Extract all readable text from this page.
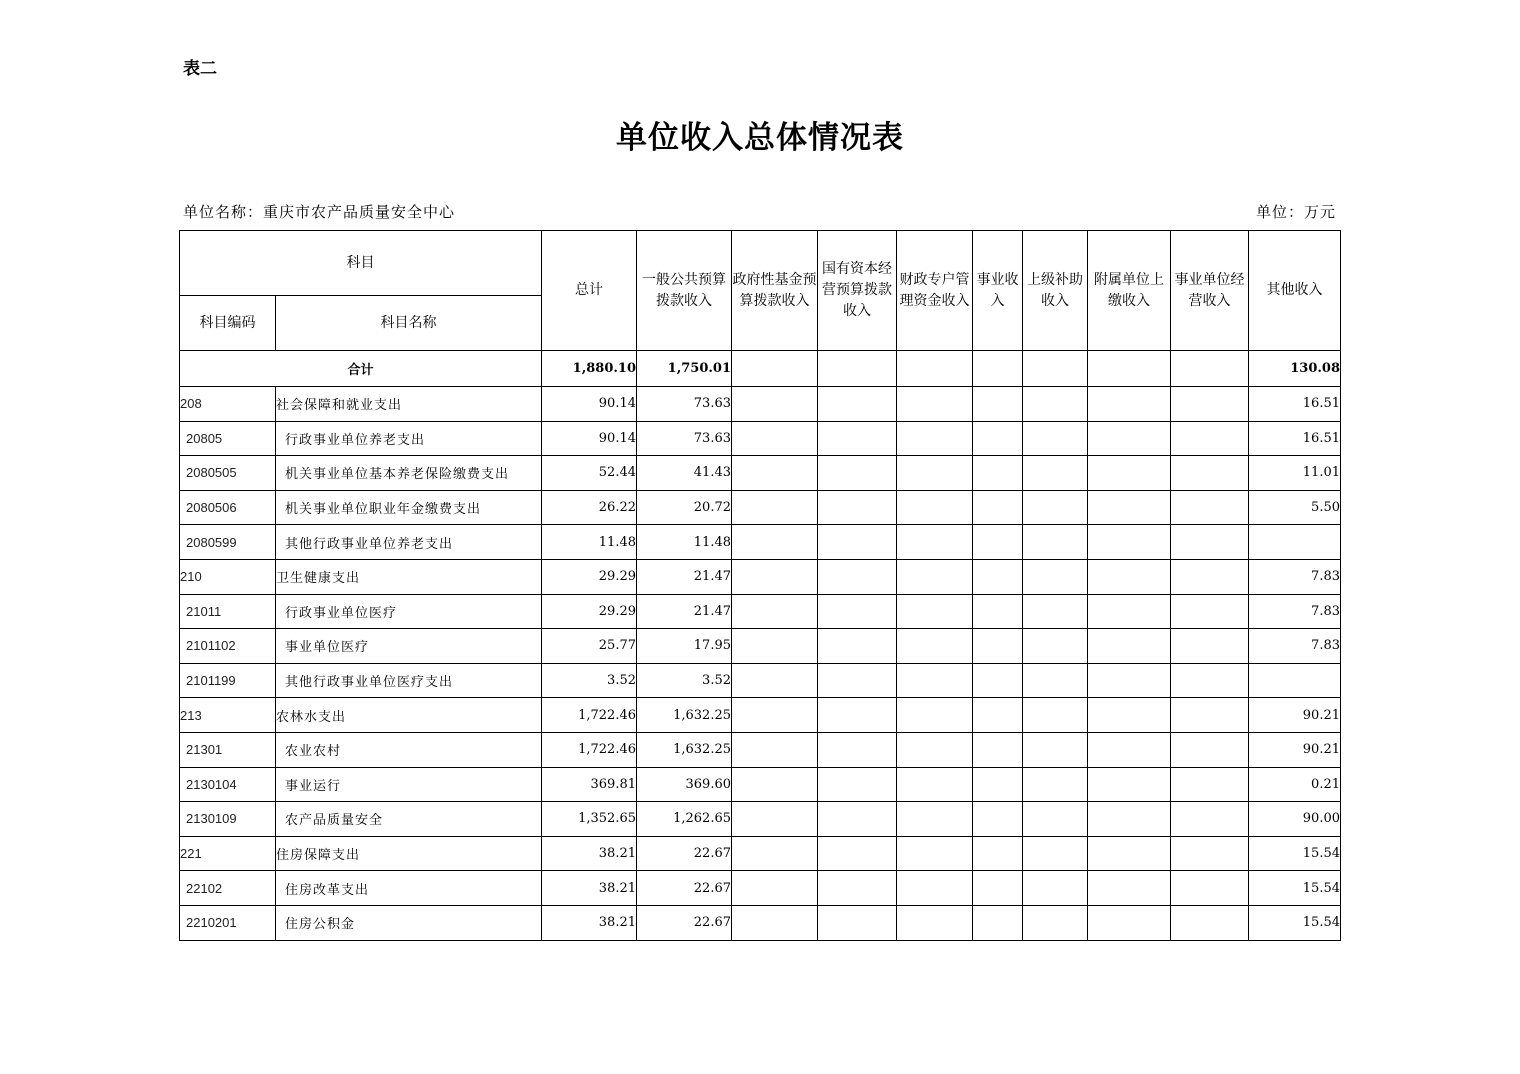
表二
单位收入总体情况表
单位名称：重庆市农产品质量安全中心	单位：万元
科目		总计	一般公共预算拨款收入	政府性基金预算拨款收入	国有资本经营预算拨款收入	财政专户管理资金收入	事业收入	上级补助收入	附属单位上缴收入	事业单位经营收入	其他收入
科目编码	科目名称										
合计		1,880.10	1,750.01								130.08
208	社会保障和就业支出	90.14	73.63								16.51
20805	行政事业单位养老支出	90.14	73.63								16.51
2080505	机关事业单位基本养老保险缴费支出	52.44	41.43								11.01
2080506	机关事业单位职业年金缴费支出	26.22	20.72								5.50
2080599	其他行政事业单位养老支出	11.48	11.48								
210	卫生健康支出	29.29	21.47								7.83
21011	行政事业单位医疗	29.29	21.47								7.83
2101102	事业单位医疗	25.77	17.95								7.83
2101199	其他行政事业单位医疗支出	3.52	3.52								
213	农林水支出	1,722.46	1,632.25								90.21
21301	农业农村	1,722.46	1,632.25								90.21
2130104	事业运行	369.81	369.60								0.21
2130109	农产品质量安全	1,352.65	1,262.65								90.00
221	住房保障支出	38.21	22.67								15.54
22102	住房改革支出	38.21	22.67								15.54
2210201	住房公积金	38.21	22.67								15.54
